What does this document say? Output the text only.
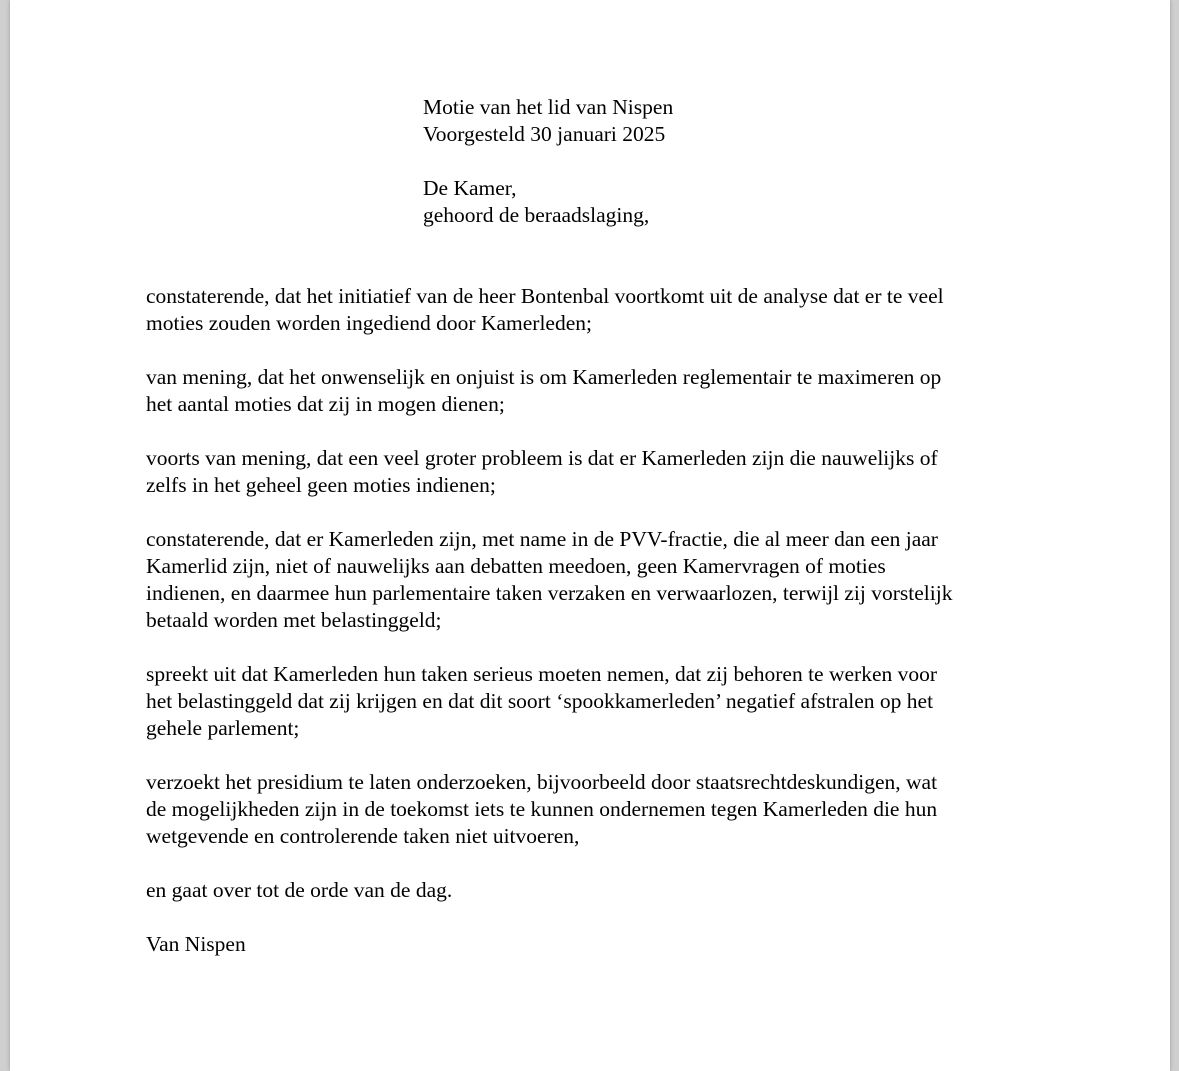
Motie van het lid van Nispen
Voorgesteld 30 januari 2025
De Kamer,
gehoord de beraadslaging,
constaterende, dat het initiatief van de heer Bontenbal voortkomt uit de analyse dat er te veel
moties zouden worden ingediend door Kamerleden;
van mening, dat het onwenselijk en onjuist is om Kamerleden reglementair te maximeren op
het aantal moties dat zij in mogen dienen;
voorts van mening, dat een veel groter probleem is dat er Kamerleden zijn die nauwelijks of
zelfs in het geheel geen moties indienen;
constaterende, dat er Kamerleden zijn, met name in de PVV-fractie, die al meer dan een jaar
Kamerlid zijn, niet of nauwelijks aan debatten meedoen, geen Kamervragen of moties
indienen, en daarmee hun parlementaire taken verzaken en verwaarlozen, terwijl zij vorstelijk
betaald worden met belastinggeld;
spreekt uit dat Kamerleden hun taken serieus moeten nemen, dat zij behoren te werken voor
het belastinggeld dat zij krijgen en dat dit soort ‘spookkamerleden’ negatief afstralen op het
gehele parlement;
verzoekt het presidium te laten onderzoeken, bijvoorbeeld door staatsrechtdeskundigen, wat
de mogelijkheden zijn in de toekomst iets te kunnen ondernemen tegen Kamerleden die hun
wetgevende en controlerende taken niet uitvoeren,
en gaat over tot de orde van de dag.
Van Nispen
